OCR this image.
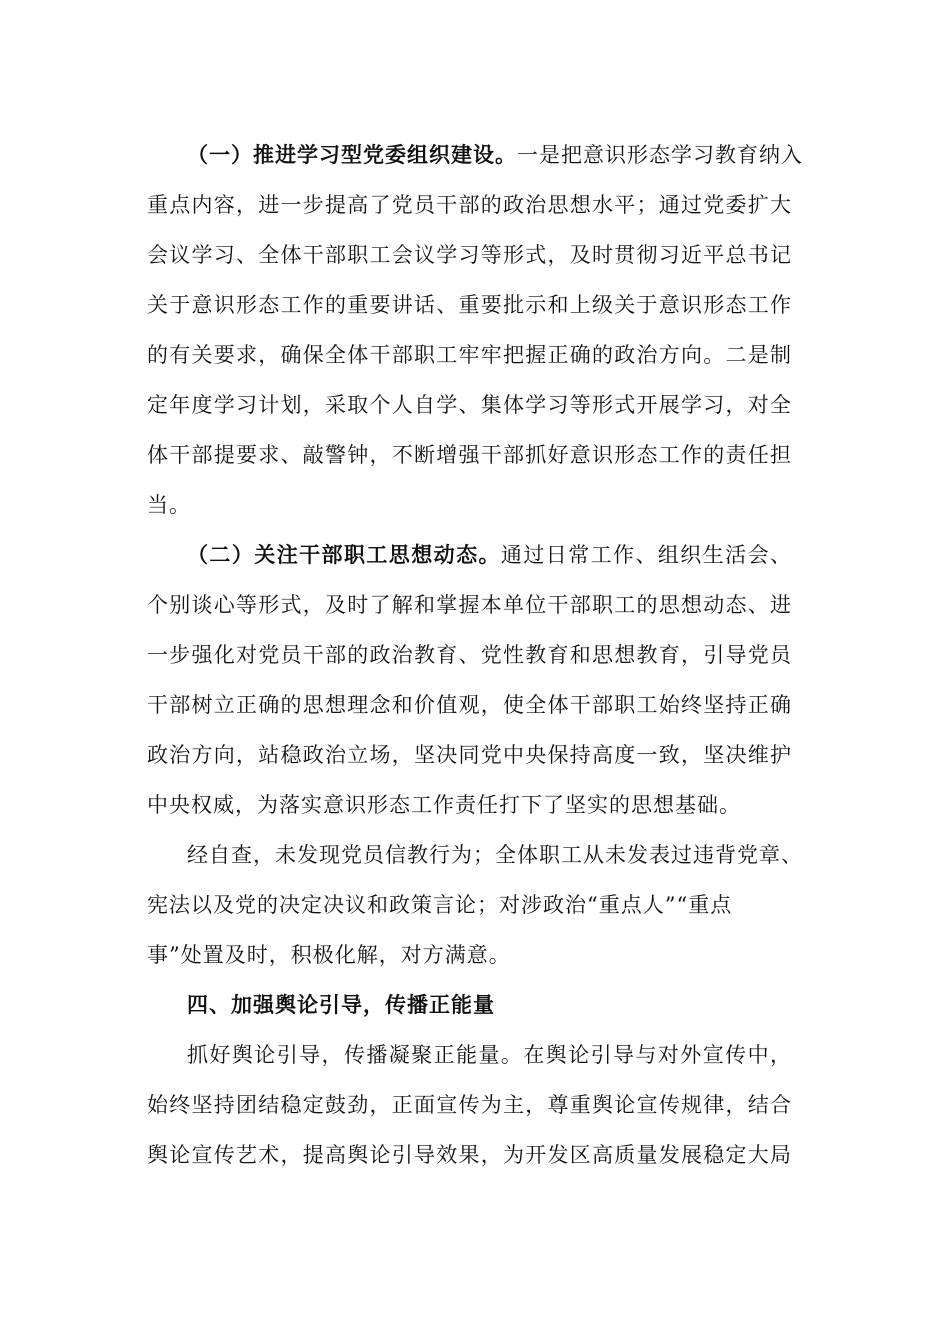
（一）推进学习型党委组织建设。一是把意识形态学习教育纳入
重点内容，进一步提高了党员干部的政治思想水平；通过党委扩大
会议学习、全体干部职工会议学习等形式，及时贯彻习近平总书记
关于意识形态工作的重要讲话、重要批示和上级关于意识形态工作
的有关要求，确保全体干部职工牢牢把握正确的政治方向。二是制
定年度学习计划，采取个人自学、集体学习等形式开展学习，对全
体干部提要求、敲警钟，不断增强干部抓好意识形态工作的责任担
当。
（二）关注干部职工思想动态。通过日常工作、组织生活会、
个别谈心等形式，及时了解和掌握本单位干部职工的思想动态、进
一步强化对党员干部的政治教育、党性教育和思想教育，引导党员
干部树立正确的思想理念和价值观，使全体干部职工始终坚持正确
政治方向，站稳政治立场，坚决同党中央保持高度一致，坚决维护
中央权威，为落实意识形态工作责任打下了坚实的思想基础。
经自查，未发现党员信教行为；全体职工从未发表过违背党章、
宪法以及党的决定决议和政策言论；对涉政治“重点人”“重点
事”处置及时，积极化解，对方满意。
四、加强舆论引导，传播正能量
抓好舆论引导，传播凝聚正能量。在舆论引导与对外宣传中，
始终坚持团结稳定鼓劲，正面宣传为主，尊重舆论宣传规律，结合
舆论宣传艺术，提高舆论引导效果，为开发区高质量发展稳定大局
